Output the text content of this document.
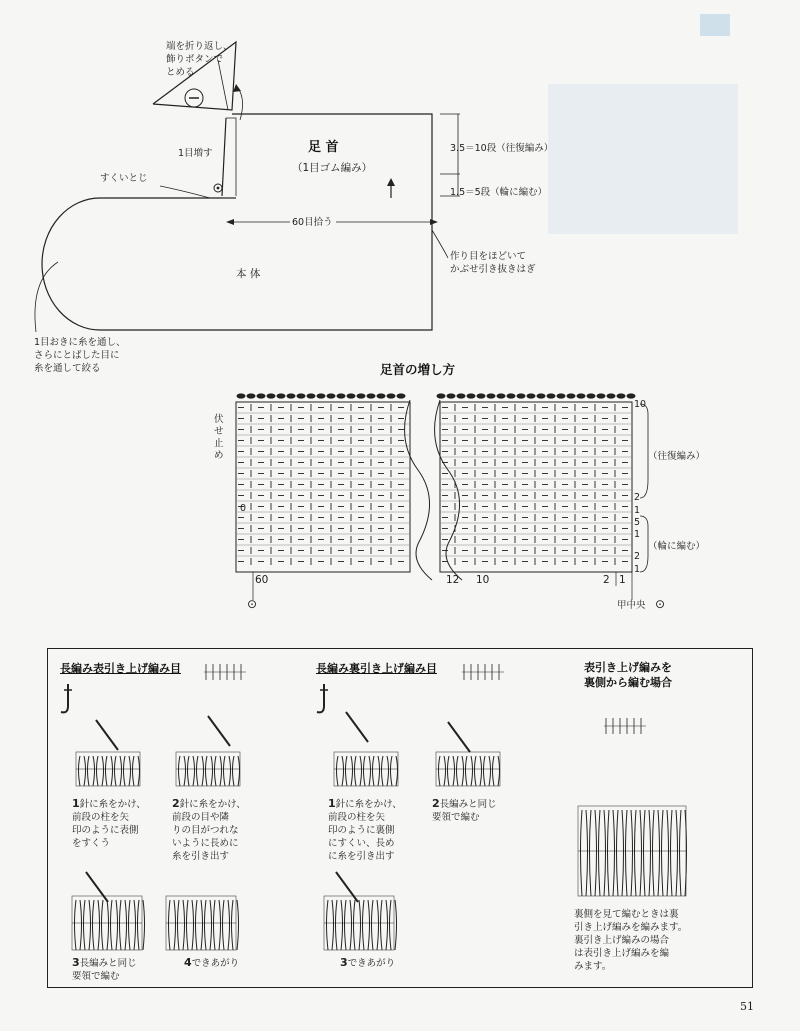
端を折り返し、
飾りボタンで
とめる
1目増す
すくいとじ
足 首
（1目ゴム編み）
3.5＝10段（往復編み）
1.5＝5段（輪に編む）
60目拾う
作り目をほどいて
かぶせ引き抜きはぎ
本 体
1目おきに糸を通し、
さらにとばした目に
糸を通して絞る	足首の増し方
伏
せ
止
め
0
10
2
1
5
1
2
1
（往復編み）
（輪に編む）
60	12 10	2 1
甲中央 ⊙
⊙
長編み表引き上げ編み目
1針に糸をかけ、
前段の柱を矢
印のように表側
をすくう
2針に糸をかけ、
前段の目や隣
りの目がつれな
いように長めに
糸を引き出す
3長編みと同じ
要領で編む
4できあがり
長編み裏引き上げ編み目
1針に糸をかけ、
前段の柱を矢
印のように裏側
にすくい、長め
に糸を引き出す
2長編みと同じ
要領で編む
3できあがり
表引き上げ編みを
裏側から編む場合
裏側を見て編むときは裏
引き上げ編みを編みます。
裏引き上げ編みの場合
は表引き上げ編みを編
みます。
51
